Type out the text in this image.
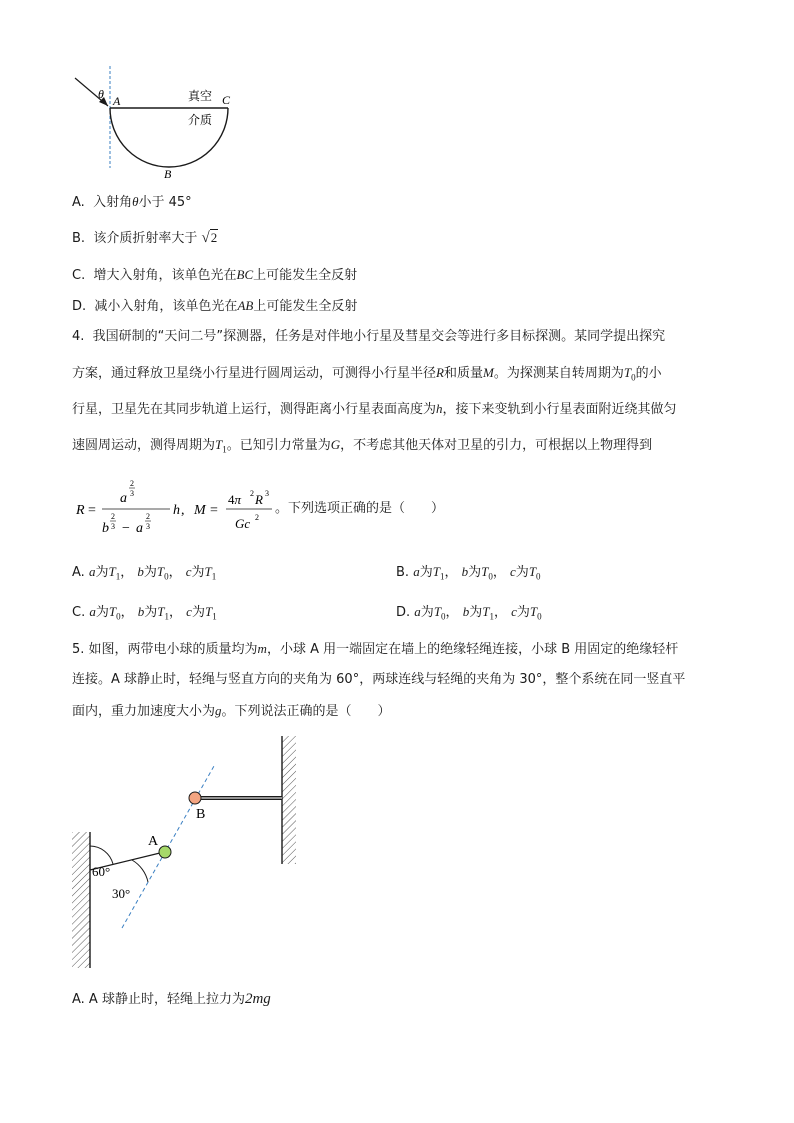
θ A	C
B
真空
介质
A. 入射角θ小于 45°
B. 该介质折射率大于 √2
C. 增大入射角，该单色光在BC上可能发生全反射
D. 减小入射角，该单色光在AB上可能发生全反射
4. 我国研制的“天问二号”探测器，任务是对伴地小行星及彗星交会等进行多目标探测。某同学提出探究
方案，通过释放卫星绕小行星进行圆周运动，可测得小行星半径R和质量M。为探测某自转周期为$T_0$的小
行星，卫星先在其同步轨道上运行，测得距离小行星表面高度为h，接下来变轨到小行星表面附近绕其做匀
速圆周运动，测得周期为$T_1$。已知引力常量为G，不考虑其他天体对卫星的引力，可根据以上物理得到
R =
a
2
3
b
2
3 − a
2
3
h , M =
4π 2 R 3
Gc 2
。下列选项正确的是（　　）
A. a为$T_1$， b为$T_0$， c为$T_1$	B. a为$T_1$， b为$T_0$， c为$T_0$
C. a为$T_0$， b为$T_1$， c为$T_1$	D. a为$T_0$， b为$T_1$， c为$T_0$
5. 如图，两带电小球的质量均为m，小球 A 用一端固定在墙上的绝缘轻绳连接，小球 B 用固定的绝缘轻杆
连接。A 球静止时，轻绳与竖直方向的夹角为 60°，两球连线与轻绳的夹角为 30°，整个系统在同一竖直平
面内，重力加速度大小为g。下列说法正确的是（　　）
A
B
60°
30°
A. A 球静止时，轻绳上拉力为2mg
